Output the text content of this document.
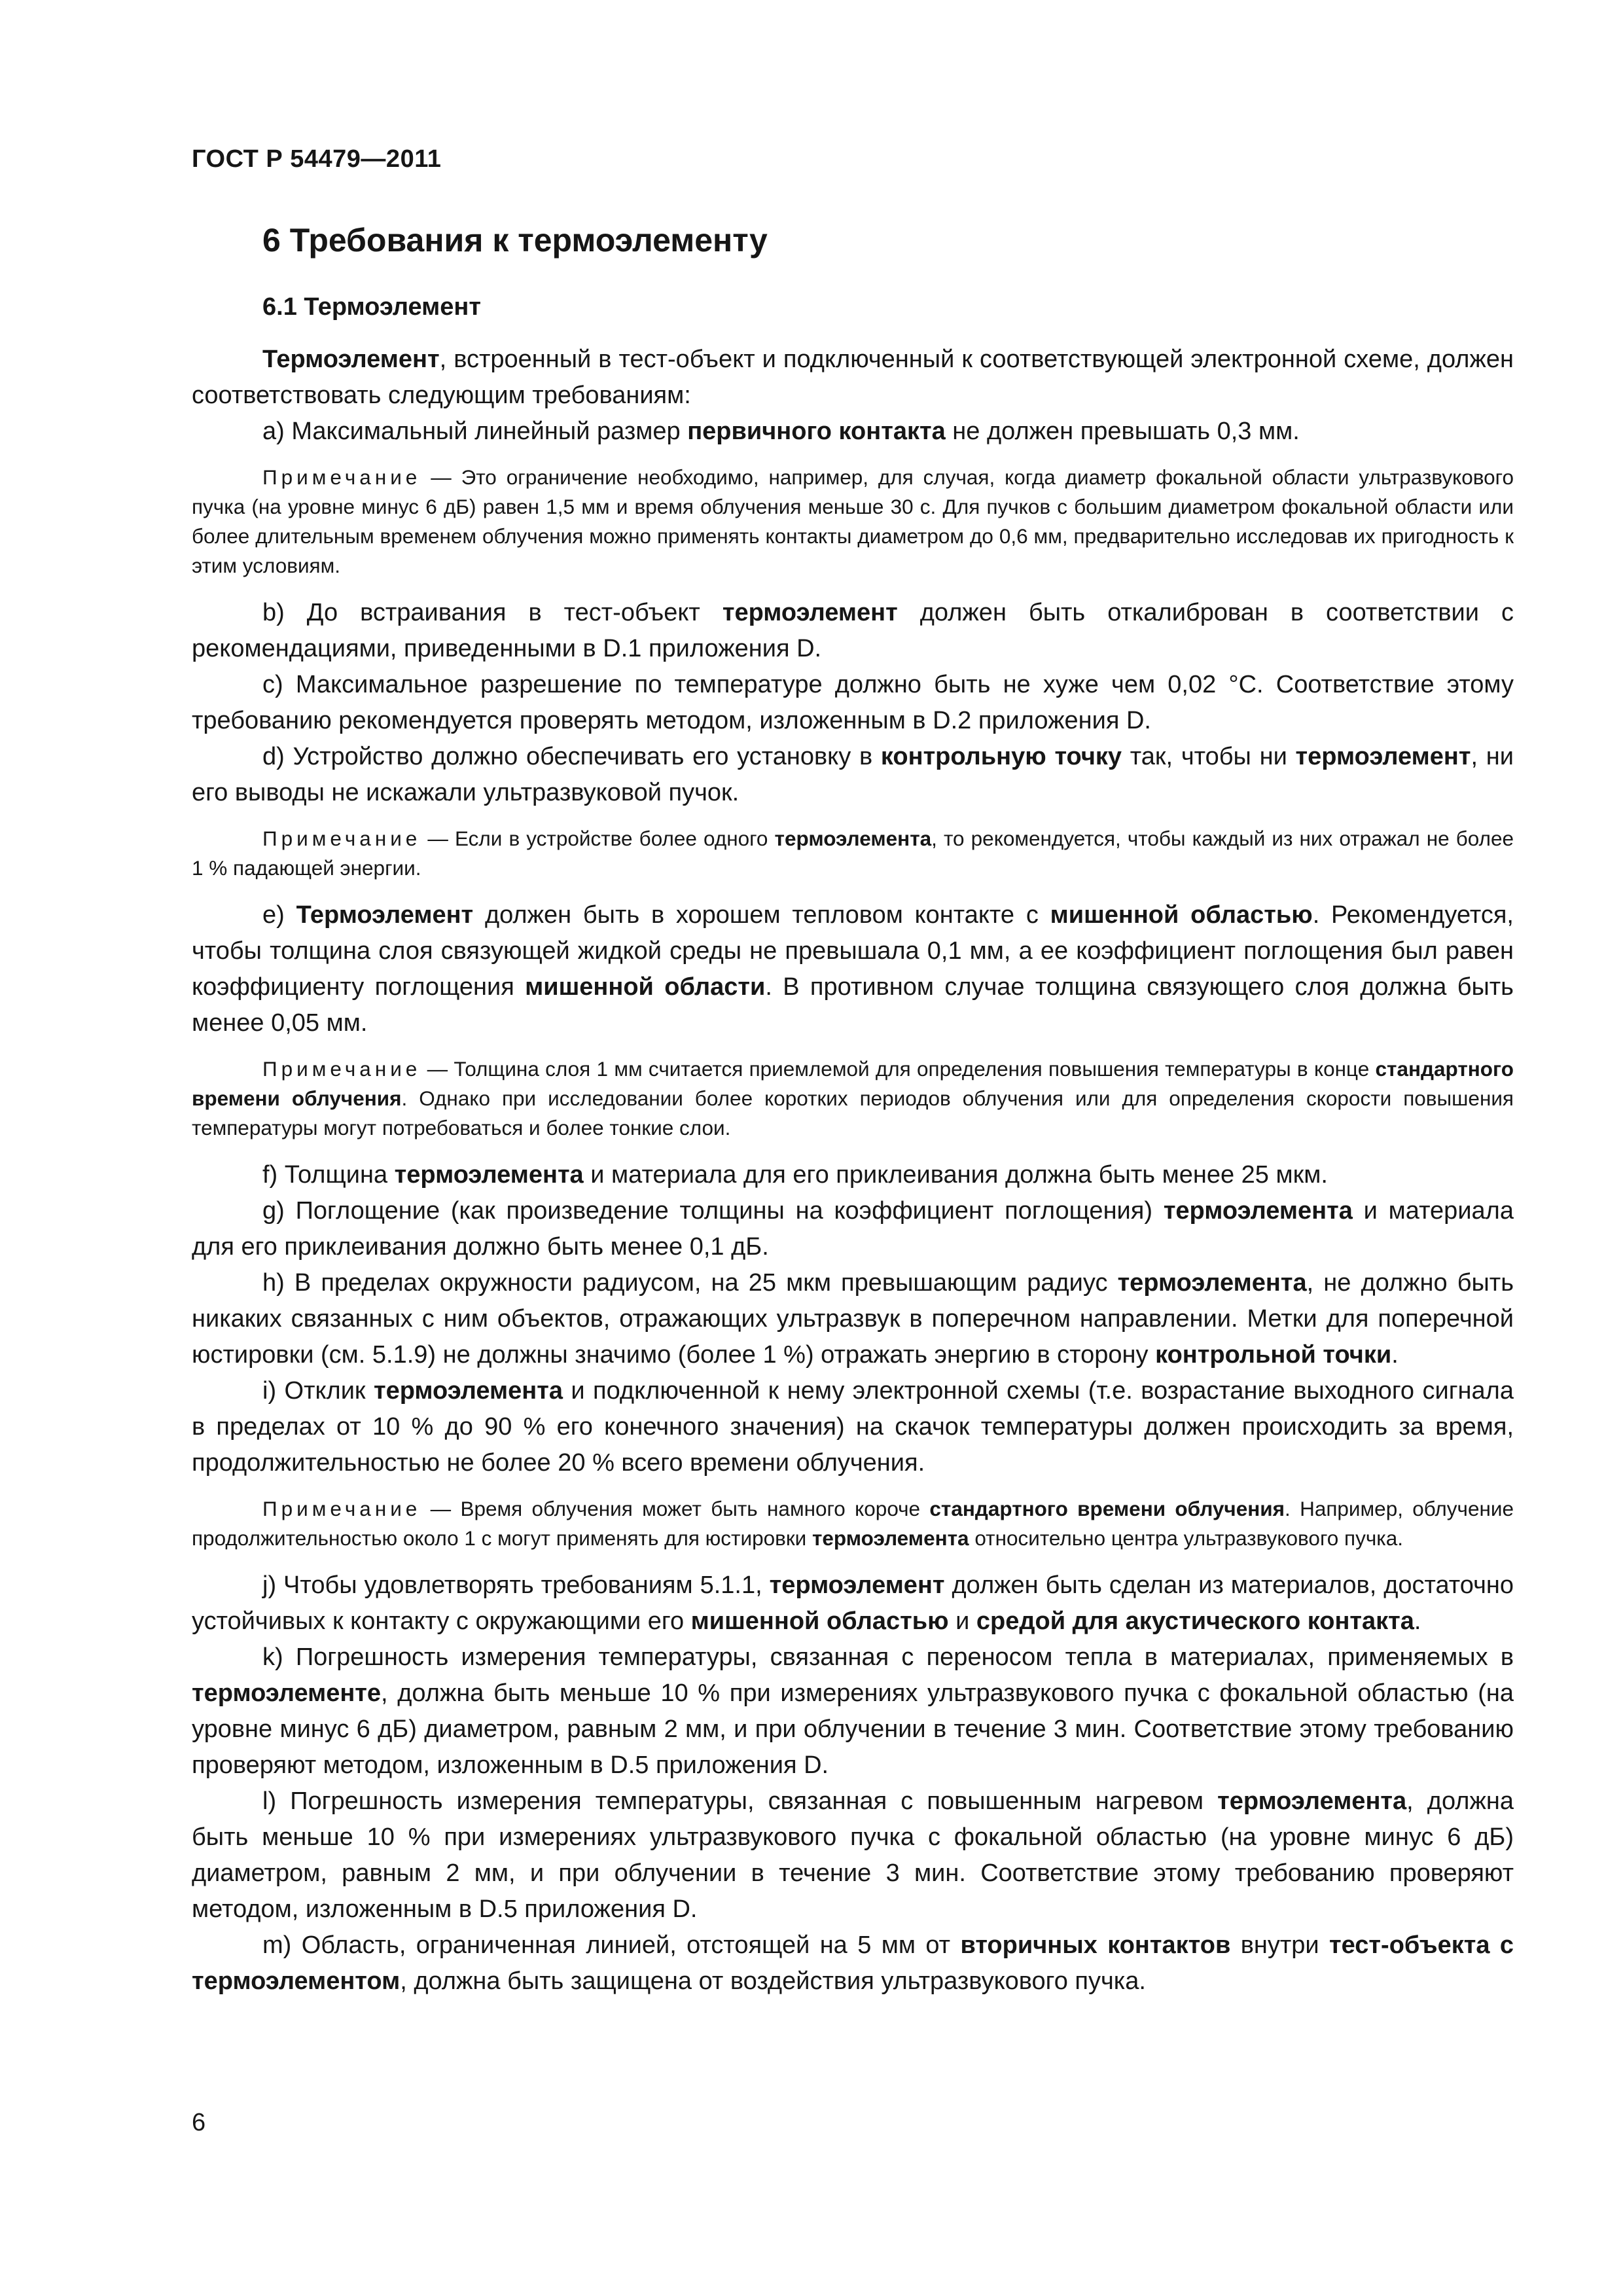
ГОСТ Р 54479—2011
6 Требования к термоэлементу
6.1 Термоэлемент

Термоэлемент, встроенный в тест-объект и подключенный к соответствующей электронной схеме, должен соответствовать следующим требованиям:

a) Максимальный линейный размер первичного контакта не должен превышать 0,3 мм.

Примечание — Это ограничение необходимо, например, для случая, когда диаметр фокальной области ультразвукового пучка (на уровне минус 6 дБ) равен 1,5 мм и время облучения меньше 30 с. Для пучков с большим диаметром фокальной области или более длительным временем облучения можно применять контакты диаметром до 0,6 мм, предварительно исследовав их пригодность к этим условиям.

b) До встраивания в тест-объект термоэлемент должен быть откалиброван в соответствии с рекомендациями, приведенными в D.1 приложения D.

c) Максимальное разрешение по температуре должно быть не хуже чем 0,02 °С. Соответствие этому требованию рекомендуется проверять методом, изложенным в D.2 приложения D.

d) Устройство должно обеспечивать его установку в контрольную точку так, чтобы ни термоэлемент, ни его выводы не искажали ультразвуковой пучок.

Примечание — Если в устройстве более одного термоэлемента, то рекомендуется, чтобы каждый из них отражал не более 1 % падающей энергии.

e) Термоэлемент должен быть в хорошем тепловом контакте с мишенной областью. Рекомендуется, чтобы толщина слоя связующей жидкой среды не превышала 0,1 мм, а ее коэффициент поглощения был равен коэффициенту поглощения мишенной области. В противном случае толщина связующего слоя должна быть менее 0,05 мм.

Примечание — Толщина слоя 1 мм считается приемлемой для определения повышения температуры в конце стандартного времени облучения. Однако при исследовании более коротких периодов облучения или для определения скорости повышения температуры могут потребоваться и более тонкие слои.

f) Толщина термоэлемента и материала для его приклеивания должна быть менее 25 мкм.

g) Поглощение (как произведение толщины на коэффициент поглощения) термоэлемента и материала для его приклеивания должно быть менее 0,1 дБ.

h) В пределах окружности радиусом, на 25 мкм превышающим радиус термоэлемента, не должно быть никаких связанных с ним объектов, отражающих ультразвук в поперечном направлении. Метки для поперечной юстировки (см. 5.1.9) не должны значимо (более 1 %) отражать энергию в сторону контрольной точки.

i) Отклик термоэлемента и подключенной к нему электронной схемы (т.е. возрастание выходного сигнала в пределах от 10 % до 90 % его конечного значения) на скачок температуры должен происходить за время, продолжительностью не более 20 % всего времени облучения.

Примечание — Время облучения может быть намного короче стандартного времени облучения. Например, облучение продолжительностью около 1 с могут применять для юстировки термоэлемента относительно центра ультразвукового пучка.

j) Чтобы удовлетворять требованиям 5.1.1, термоэлемент должен быть сделан из материалов, достаточно устойчивых к контакту с окружающими его мишенной областью и средой для акустического контакта.

k) Погрешность измерения температуры, связанная с переносом тепла в материалах, применяемых в термоэлементе, должна быть меньше 10 % при измерениях ультразвукового пучка с фокальной областью (на уровне минус 6 дБ) диаметром, равным 2 мм, и при облучении в течение 3 мин. Соответствие этому требованию проверяют методом, изложенным в D.5 приложения D.

l) Погрешность измерения температуры, связанная с повышенным нагревом термоэлемента, должна быть меньше 10 % при измерениях ультразвукового пучка с фокальной областью (на уровне минус 6 дБ) диаметром, равным 2 мм, и при облучении в течение 3 мин. Соответствие этому требованию проверяют методом, изложенным в D.5 приложения D.

m) Область, ограниченная линией, отстоящей на 5 мм от вторичных контактов внутри тест-объекта с термоэлементом, должна быть защищена от воздействия ультразвукового пучка.

6
